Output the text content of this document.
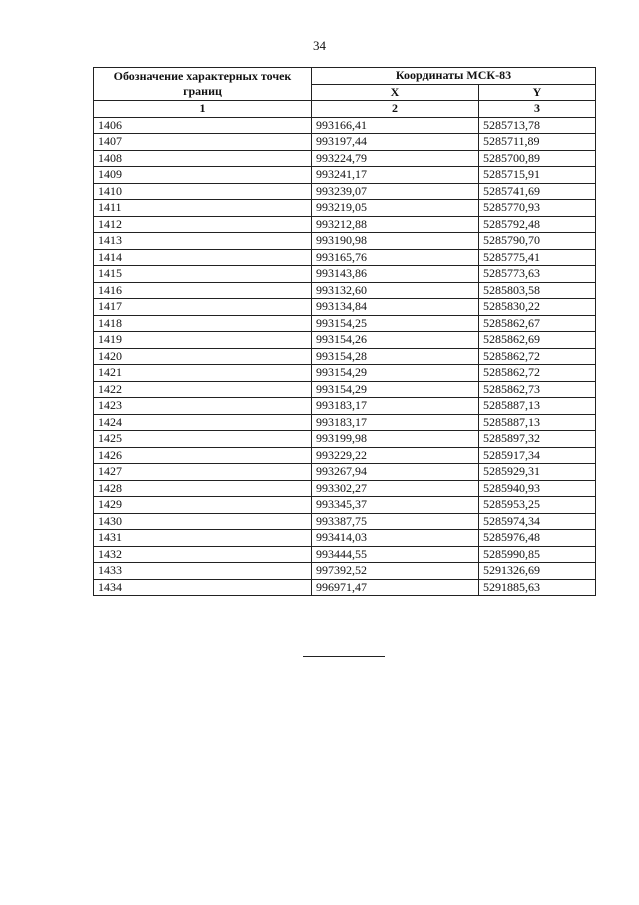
34
Обозначение характерных точек границ	Координаты МСК-83	
	X	Y
1	2	3
1406	993166,41	5285713,78
1407	993197,44	5285711,89
1408	993224,79	5285700,89
1409	993241,17	5285715,91
1410	993239,07	5285741,69
1411	993219,05	5285770,93
1412	993212,88	5285792,48
1413	993190,98	5285790,70
1414	993165,76	5285775,41
1415	993143,86	5285773,63
1416	993132,60	5285803,58
1417	993134,84	5285830,22
1418	993154,25	5285862,67
1419	993154,26	5285862,69
1420	993154,28	5285862,72
1421	993154,29	5285862,72
1422	993154,29	5285862,73
1423	993183,17	5285887,13
1424	993183,17	5285887,13
1425	993199,98	5285897,32
1426	993229,22	5285917,34
1427	993267,94	5285929,31
1428	993302,27	5285940,93
1429	993345,37	5285953,25
1430	993387,75	5285974,34
1431	993414,03	5285976,48
1432	993444,55	5285990,85
1433	997392,52	5291326,69
1434	996971,47	5291885,63
